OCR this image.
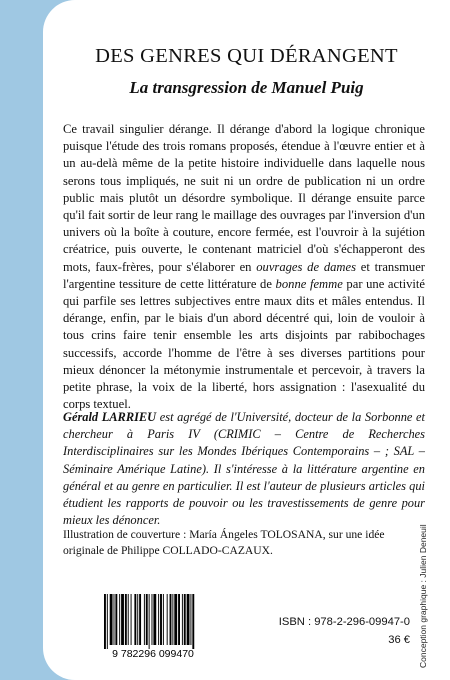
DES GENRES QUI DÉRANGENT
La transgression de Manuel Puig

Ce travail singulier dérange. Il dérange d'abord la logique chronique puisque l'étude des trois romans proposés, étendue à l'œuvre entier et à un au-delà même de la petite histoire individuelle dans laquelle nous serons tous impliqués, ne suit ni un ordre de publication ni un ordre public mais plutôt un désordre symbolique. Il dérange ensuite parce qu'il fait sortir de leur rang le maillage des ouvrages par l'inversion d'un univers où la boîte à couture, encore fermée, est l'ouvroir à la sujétion créatrice, puis ouverte, le contenant matriciel d'où s'échapperont des mots, faux-frères, pour s'élaborer en ouvrages de dames et transmuer l'argentine tessiture de cette littérature de bonne femme par une activité qui parfile ses lettres subjectives entre maux dits et mâles entendus. Il dérange, enfin, par le biais d'un abord décentré qui, loin de vouloir à tous crins faire tenir ensemble les arts disjoints par rabibochages successifs, accorde l'homme de l'être à ses diverses partitions pour mieux dénoncer la métonymie instrumentale et percevoir, à travers la petite phrase, la voix de la liberté, hors assignation : l'asexualité du corps textuel.

Gérald LARRIEU est agrégé de l'Université, docteur de la Sorbonne et chercheur à Paris IV (CRIMIC – Centre de Recherches Interdisciplinaires sur les Mondes Ibériques Contemporains – ; SAL – Séminaire Amérique Latine). Il s'intéresse à la littérature argentine en général et au genre en particulier. Il est l'auteur de plusieurs articles qui étudient les rapports de pouvoir ou les travestissements de genre pour mieux les dénoncer.

Illustration de couverture : María Ángeles TOLOSANA, sur une idée originale de Philippe COLLADO-CAZAUX.

9 782296 099470
ISBN : 978-2-296-09947-0
36 € Conception graphique : Julien Deneuil
